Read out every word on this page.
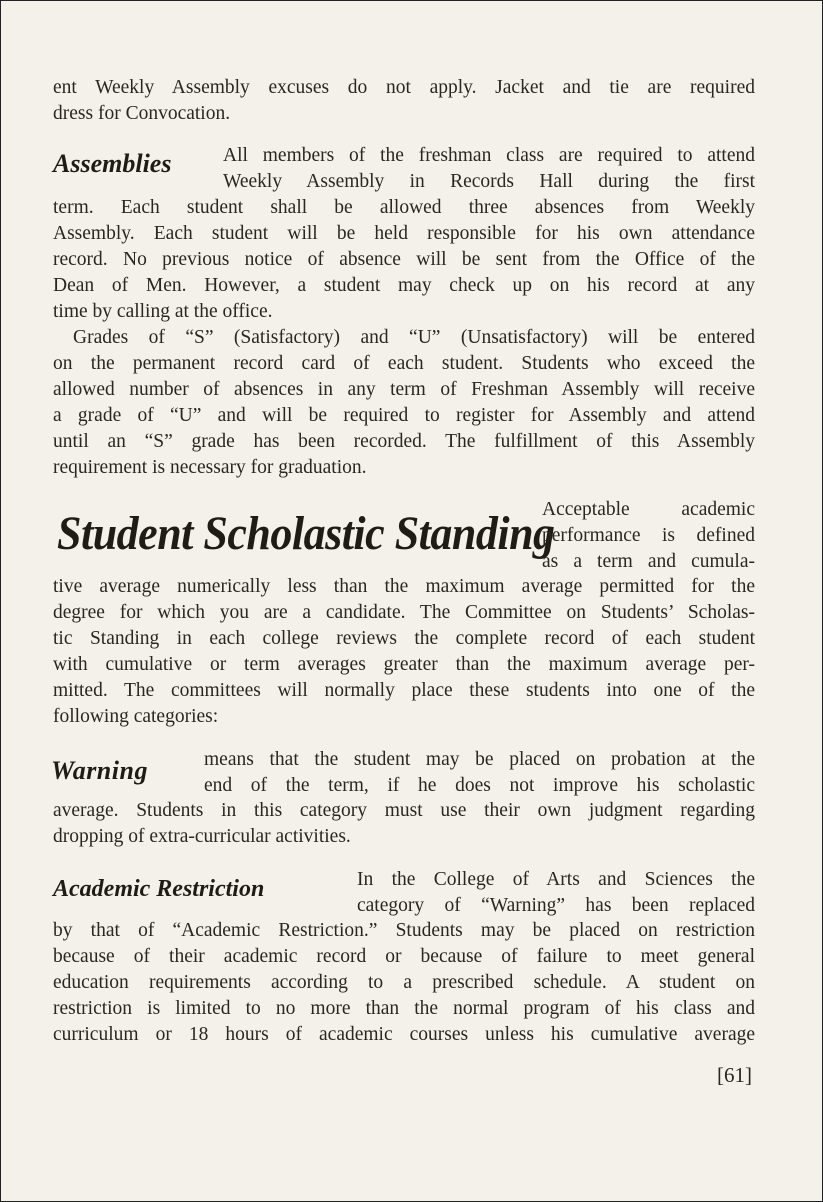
ent Weekly Assembly excuses do not apply. Jacket and tie are required

dress for Convocation.

Assemblies	All members of the freshman class are required to attend

Weekly Assembly in Records Hall during the first

term. Each student shall be allowed three absences from Weekly

Assembly. Each student will be held responsible for his own attendance

record. No previous notice of absence will be sent from the Office of the

Dean of Men. However, a student may check up on his record at any

time by calling at the office.

Grades of “S” (Satisfactory) and “U” (Unsatisfactory) will be entered

on the permanent record card of each student. Students who exceed the

allowed number of absences in any term of Freshman Assembly will receive

a grade of “U” and will be required to register for Assembly and attend

until an “S” grade has been recorded. The fulfillment of this Assembly

requirement is necessary for graduation.

Student Scholastic Standing

Acceptable academic

performance is defined

as a term and cumula-

tive average numerically less than the maximum average permitted for the

degree for which you are a candidate. The Committee on Students’ Scholas-

tic Standing in each college reviews the complete record of each student

with cumulative or term averages greater than the maximum average per-

mitted. The committees will normally place these students into one of the

following categories:

Warning	means that the student may be placed on probation at the

end of the term, if he does not improve his scholastic

average. Students in this category must use their own judgment regarding

dropping of extra-curricular activities.

Academic Restriction	In the College of Arts and Sciences the

category of “Warning” has been replaced

by that of “Academic Restriction.” Students may be placed on restriction

because of their academic record or because of failure to meet general

education requirements according to a prescribed schedule. A student on

restriction is limited to no more than the normal program of his class and

curriculum or 18 hours of academic courses unless his cumulative average

[61]
